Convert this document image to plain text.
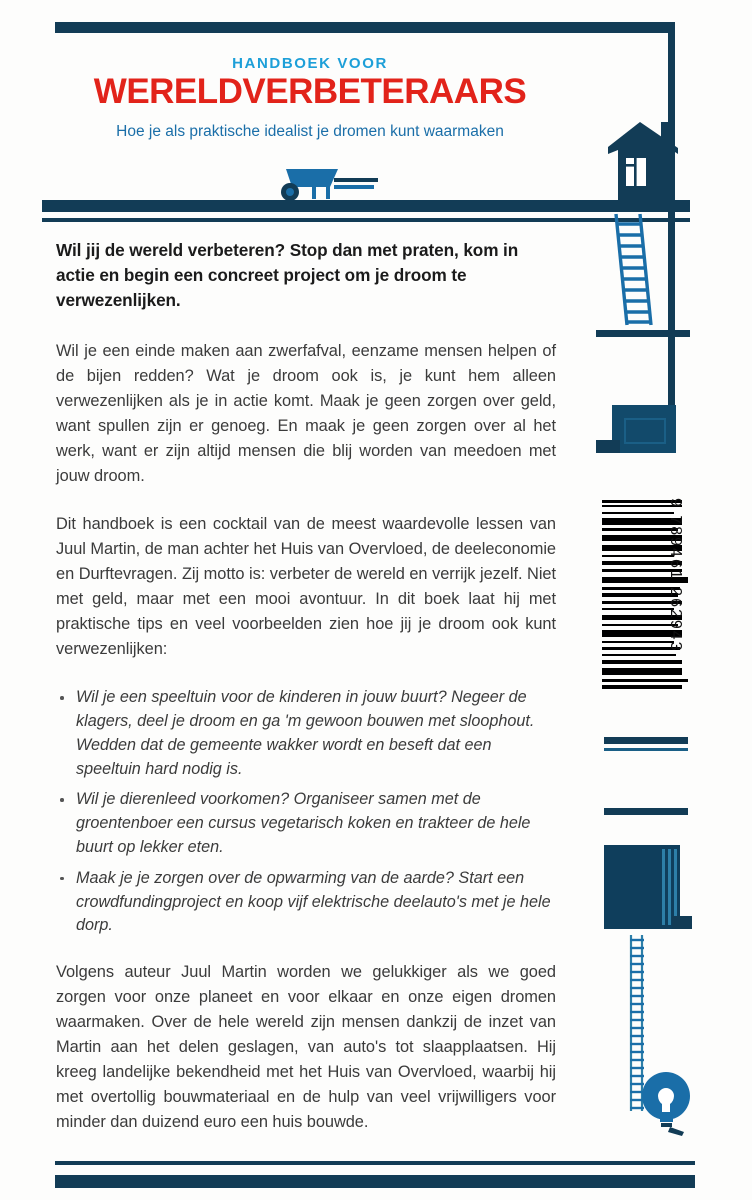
HANDBOEK VOOR

WERELDVERBETERAARS

Hoe je als praktische idealist je dromen kunt waarmaken

9 789461 262943

Wil jij de wereld verbeteren? Stop dan met praten, kom in actie en begin een concreet project om je droom te verwezenlijken.

Wil je een einde maken aan zwerfafval, eenzame mensen helpen of de bijen redden? Wat je droom ook is, je kunt hem alleen verwezenlijken als je in actie komt. Maak je geen zorgen over geld, want spullen zijn er genoeg. En maak je geen zorgen over al het werk, want er zijn altijd mensen die blij worden van meedoen met jouw droom.

Dit handboek is een cocktail van de meest waardevolle lessen van Juul Martin, de man achter het Huis van Overvloed, de deeleconomie en Durftevragen. Zij motto is: verbeter de wereld en verrijk jezelf. Niet met geld, maar met een mooi avontuur. In dit boek laat hij met praktische tips en veel voorbeelden zien hoe jij je droom ook kunt verwezenlijken:

Wil je een speeltuin voor de kinderen in jouw buurt? Negeer de klagers, deel je droom en ga 'm gewoon bouwen met sloophout. Wedden dat de gemeente wakker wordt en beseft dat een speeltuin hard nodig is.
Wil je dierenleed voorkomen? Organiseer samen met de groentenboer een cursus vegetarisch koken en trakteer de hele buurt op lekker eten.
Maak je je zorgen over de opwarming van de aarde? Start een crowdfundingproject en koop vijf elektrische deelauto's met je hele dorp.

Volgens auteur Juul Martin worden we gelukkiger als we goed zorgen voor onze planeet en voor elkaar en onze eigen dromen waarmaken. Over de hele wereld zijn mensen dankzij de inzet van Martin aan het delen geslagen, van auto's tot slaapplaatsen. Hij kreeg landelijke bekendheid met het Huis van Overvloed, waarbij hij met overtollig bouwmateriaal en de hulp van veel vrijwilligers voor minder dan duizend euro een huis bouwde.
